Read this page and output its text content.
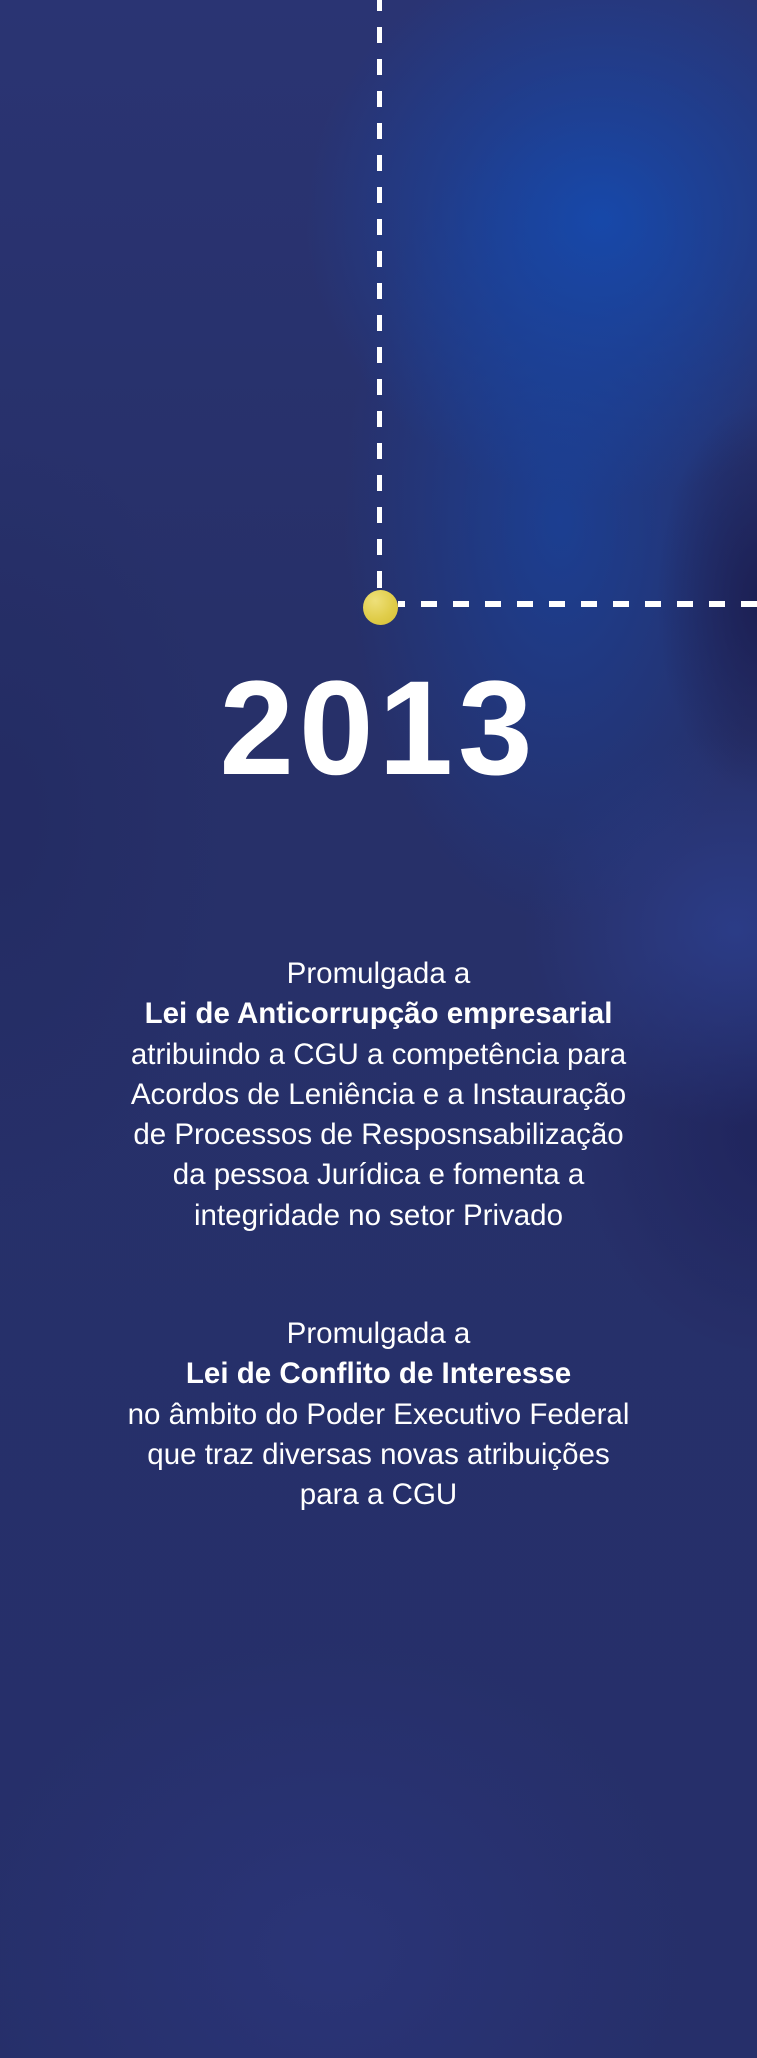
2013

Promulgada a

Lei de Anticorrupção empresarial

atribuindo a CGU a competência para

Acordos de Leniência e a Instauração

de Processos de Resposnsabilização

da pessoa Jurídica e fomenta a

integridade no setor Privado

Promulgada a

Lei de Conflito de Interesse

no âmbito do Poder Executivo Federal

que traz diversas novas atribuições

para a CGU
